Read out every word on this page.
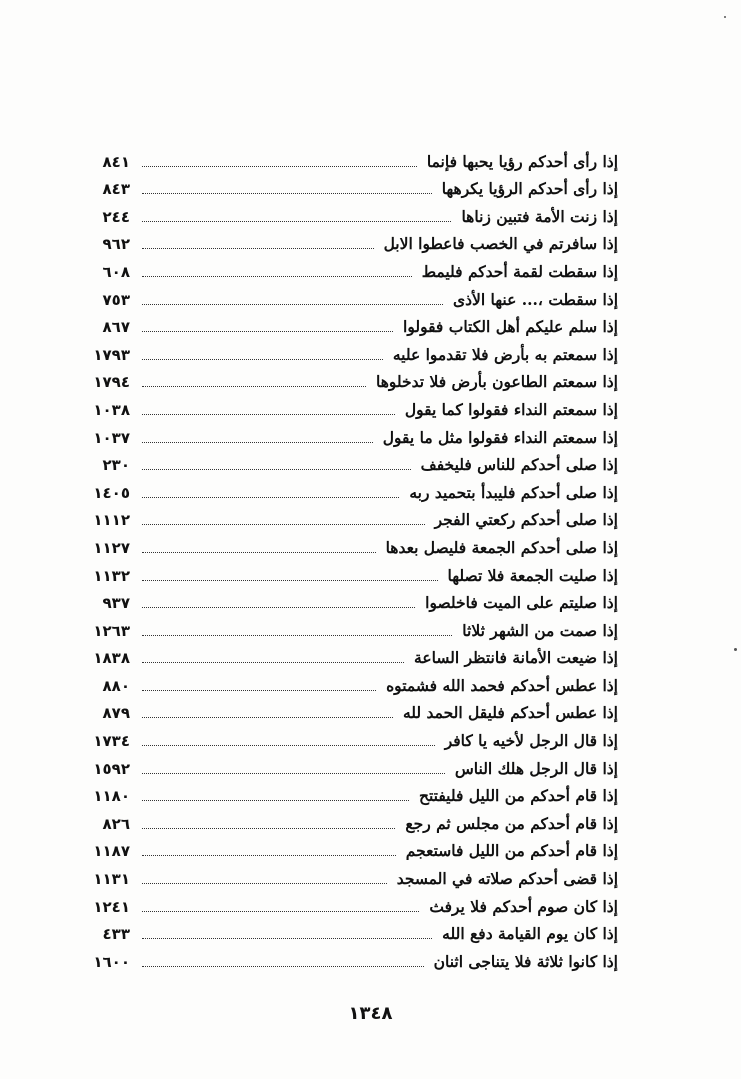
إذا رأى أحدكم رؤيا يحبها فإنما
٨٤١
إذا رأى أحدكم الرؤيا يكرهها
٨٤٣
إذا زنت الأمة فتبين زناها
٢٤٤
إذا سافرتم في الخصب فاعطوا الابل
٩٦٢
إذا سقطت لقمة أحدكم فليمط
٦٠٨
إذا سقطت ،... عنها الأذى
٧٥٣
إذا سلم عليكم أهل الكتاب فقولوا
٨٦٧
إذا سمعتم به بأرض فلا تقدموا عليه
١٧٩٣
إذا سمعتم الطاعون بأرض فلا تدخلوها
١٧٩٤
إذا سمعتم النداء فقولوا كما يقول
١٠٣٨
إذا سمعتم النداء فقولوا مثل ما يقول
١٠٣٧
إذا صلى أحدكم للناس فليخفف
٢٣٠
إذا صلى أحدكم فليبدأ بتحميد ربه
١٤٠٥
إذا صلى أحدكم ركعتي الفجر
١١١٢
إذا صلى أحدكم الجمعة فليصل بعدها
١١٢٧
إذا صليت الجمعة فلا تصلها
١١٣٢
إذا صليتم على الميت فاخلصوا
٩٣٧
إذا صمت من الشهر ثلاثا
١٢٦٣
إذا ضيعت الأمانة فانتظر الساعة
١٨٣٨
إذا عطس أحدكم فحمد الله فشمتوه
٨٨٠
إذا عطس أحدكم فليقل الحمد لله
٨٧٩
إذا قال الرجل لأخيه يا كافر
١٧٣٤
إذا قال الرجل هلك الناس
١٥٩٢
إذا قام أحدكم من الليل فليفتتح
١١٨٠
إذا قام أحدكم من مجلس ثم رجع
٨٢٦
إذا قام أحدكم من الليل فاستعجم
١١٨٧
إذا قضى أحدكم صلاته في المسجد
١١٣١
إذا كان صوم أحدكم فلا يرفث
١٢٤١
إذا كان يوم القيامة دفع الله
٤٣٣
إذا كانوا ثلاثة فلا يتناجى اثنان
١٦٠٠
١٣٤٨
